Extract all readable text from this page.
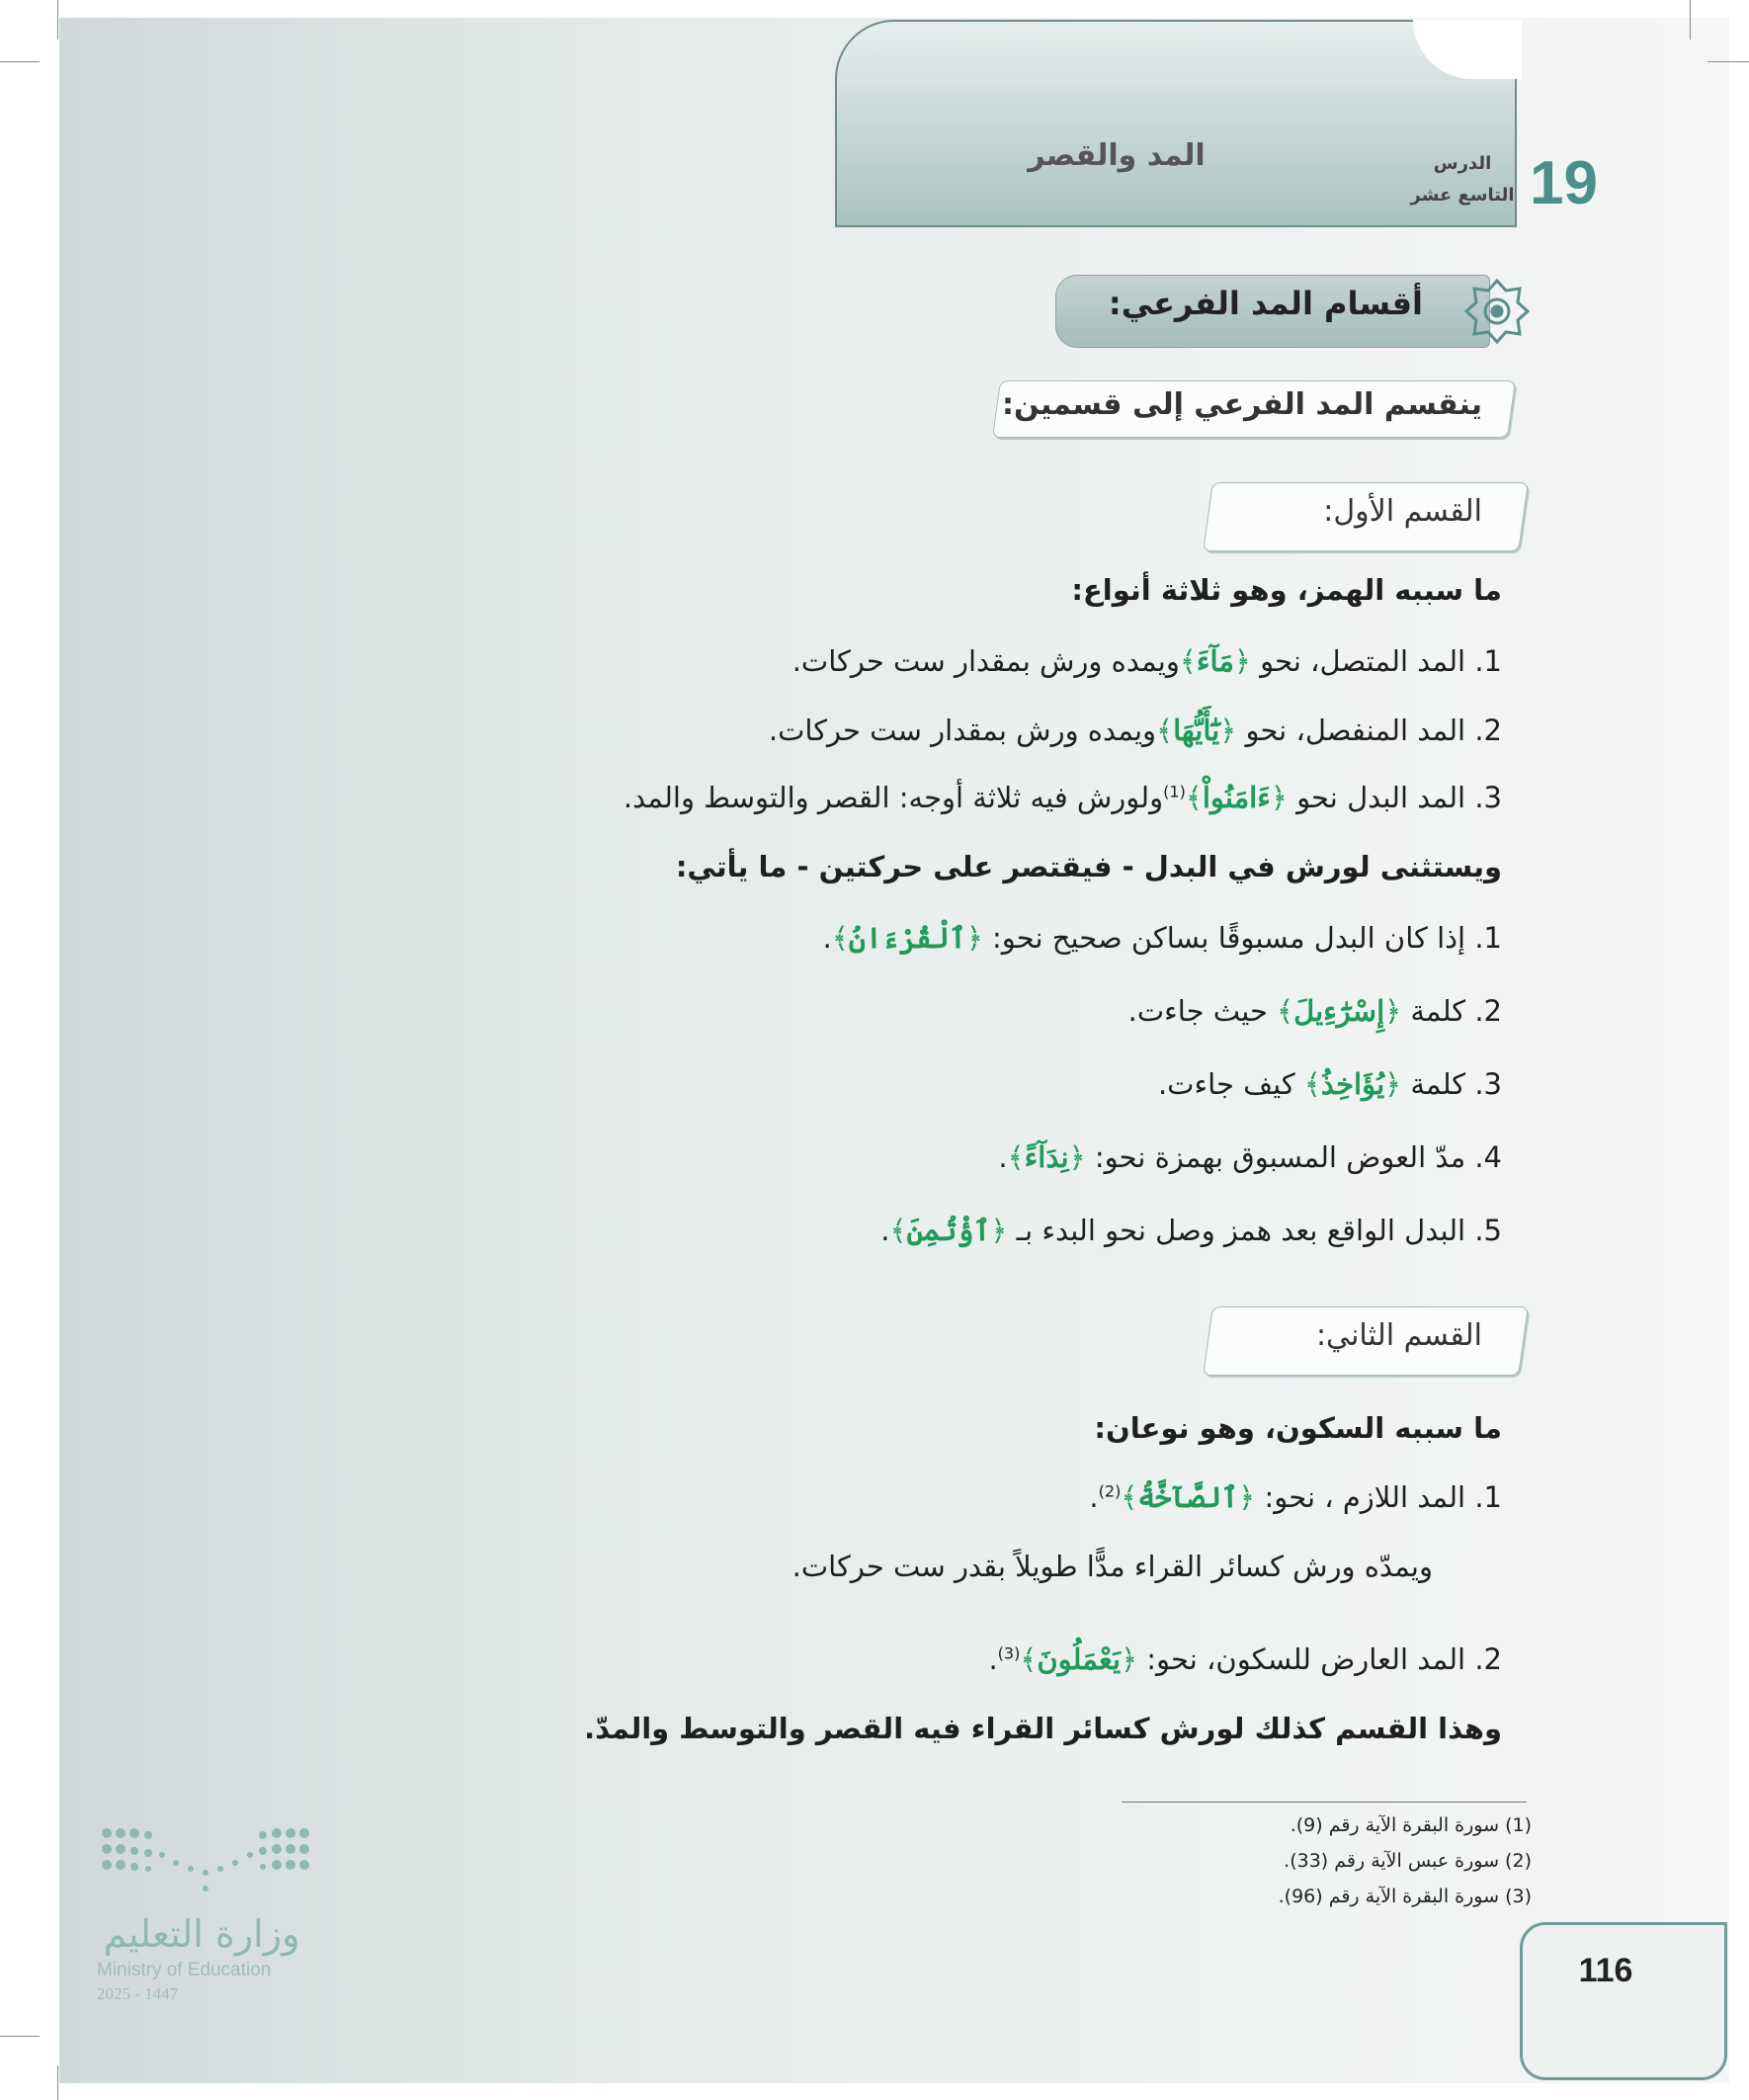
المد والقصر	19
الدرس التاسع عشر
أقسام المد الفرعي:
ينقسم المد الفرعي إلى قسمين:
القسم الأول:
ما سببه الهمز، وهو ثلاثة أنواع:
1. المد المتصل، نحو ﴿مَآءَ﴾ويمده ورش بمقدار ست حركات.
2. المد المنفصل، نحو ﴿يَٰٓأَيُّهَا﴾ويمده ورش بمقدار ست حركات.
3. المد البدل نحو ﴿ءَامَنُواْ﴾$^{(1)}$ولورش فيه ثلاثة أوجه: القصر والتوسط والمد.
ويستثنى لورش في البدل - فيقتصر على حركتين - ما يأتي:
1. إذا كان البدل مسبوقًا بساكن صحيح نحو: ﴿ٱلْقُرْءَانُ﴾.
2. كلمة ﴿إِسْرَٰٓءِيلَ﴾ حيث جاءت.
3. كلمة ﴿يُؤَاخِذُ﴾ كيف جاءت.
4. مدّ العوض المسبوق بهمزة نحو: ﴿نِدَآءً﴾.
5. البدل الواقع بعد همز وصل نحو البدء بـ ﴿ٱؤْتُمِنَ﴾.
القسم الثاني:
ما سببه السكون، وهو نوعان:
1. المد اللازم ، نحو: ﴿ٱلصَّآخَّةُ﴾$^{(2)}$.
ويمدّه ورش كسائر القراء مدًّا طويلاً بقدر ست حركات.
2. المد العارض للسكون، نحو: ﴿يَعْمَلُونَ﴾$^{(3)}$.
وهذا القسم كذلك لورش كسائر القراء فيه القصر والتوسط والمدّ.
(1) سورة البقرة الآية رقم (9).
(2) سورة عبس الآية رقم (33).
(3) سورة البقرة الآية رقم (96).
وزارة التعليم
Ministry of Education
2025 - 1447
116
